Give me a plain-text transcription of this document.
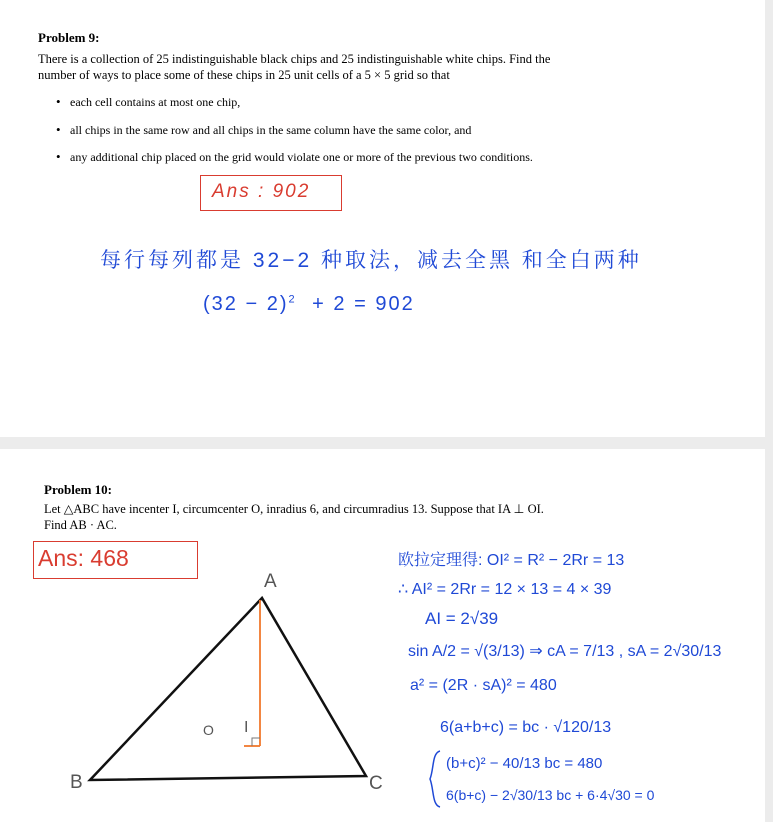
Problem 9:
There is a collection of 25 indistinguishable black chips and 25 indistinguishable white chips. Find the
number of ways to place some of these chips in 25 unit cells of a 5 × 5 grid so that
• each cell contains at most one chip,
• all chips in the same row and all chips in the same column have the same color, and
• any additional chip placed on the grid would violate one or more of the previous two conditions.
Ans : 902
每行每列都是 32−2 种取法，减去全黑 和全白两种
$(32 - 2)^2 + 2 = 902$
Problem 10:
Let △ABC have incenter I, circumcenter O, inradius 6, and circumradius 13. Suppose that IA ⊥ OI.
Find AB · AC.
Ans: 468
A
B	C
O I
欧拉定理得: OI² = R² − 2Rr = 13
∴ AI² = 2Rr = 12 × 13 = 4 × 39
AI = 2√39
sin A/2 = √(3/13) ⇒ cA = 7/13 , sA = 2√30/13
a² = (2R · sA)² = 480
6(a+b+c) = bc · √120/13
(b+c)² − 40/13 bc = 480
6(b+c) − 2√30/13 bc + 6·4√30 = 0
